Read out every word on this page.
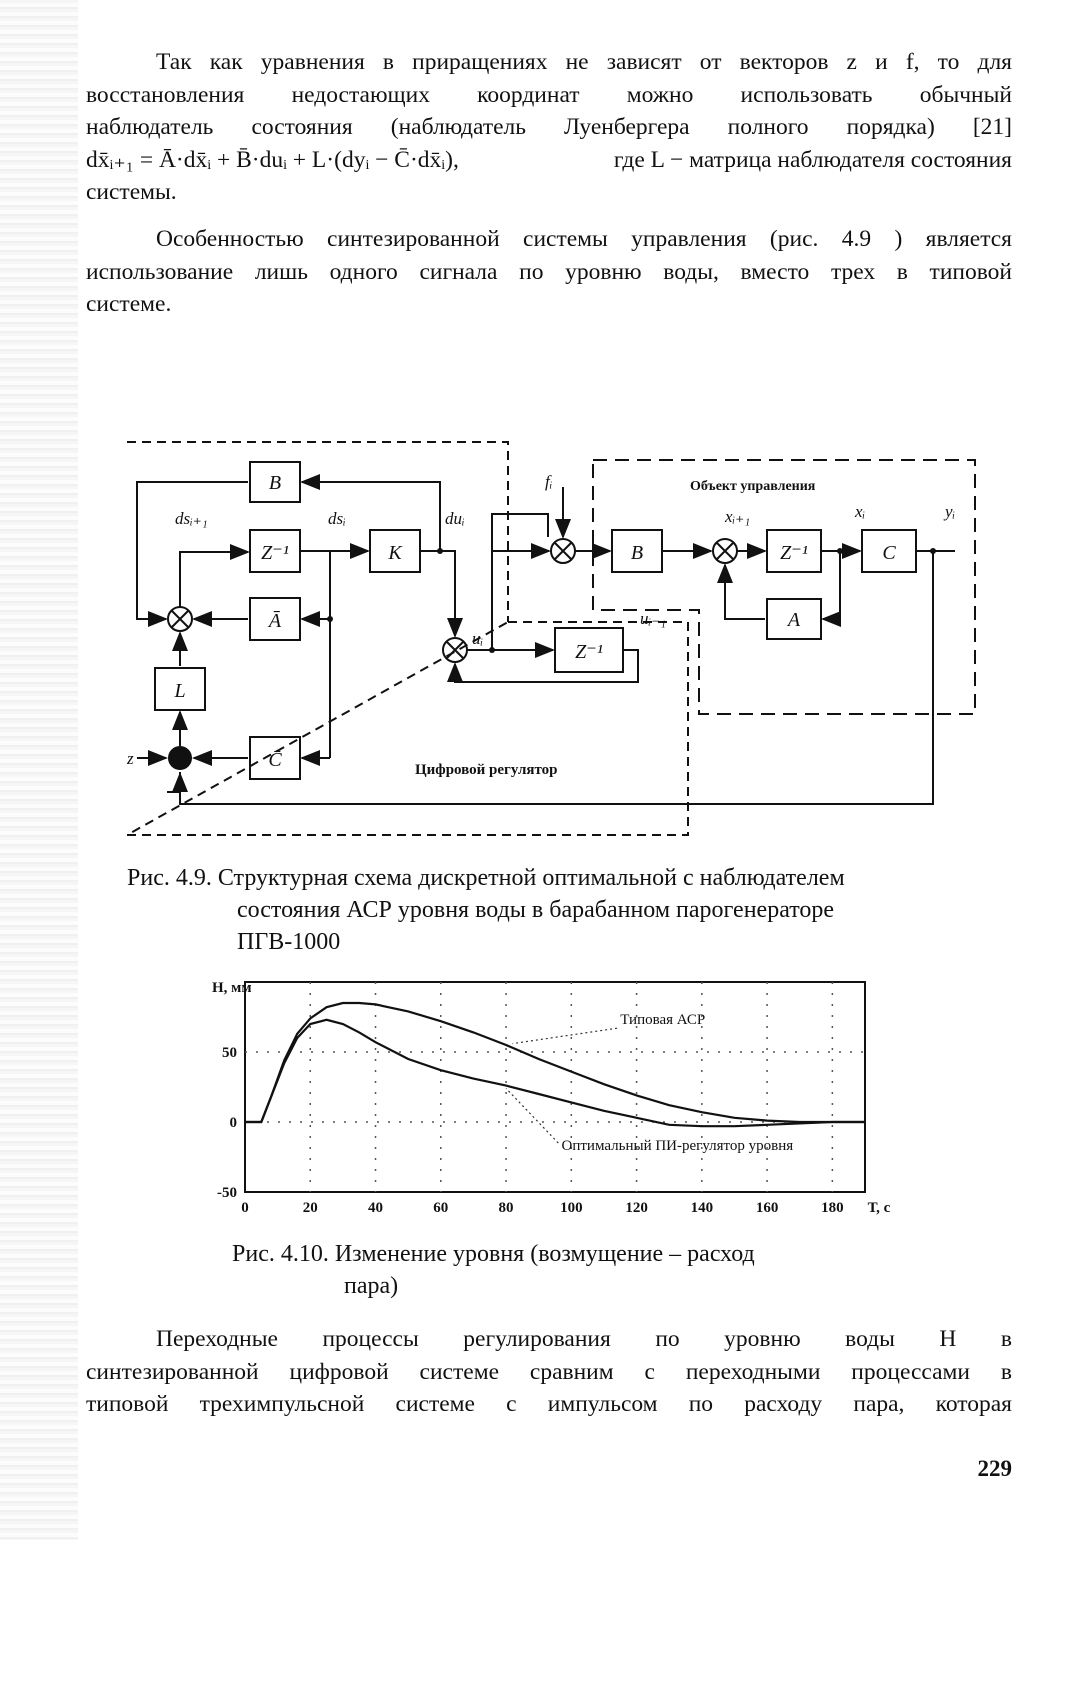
Так как уравнения в приращениях не зависят от векторов z и f, то для
восстановления недостающих координат можно использовать обычный
наблюдатель состояния (наблюдатель Луенбергера полного порядка) [21]
dx̄ᵢ₊₁ = Ā·dx̄ᵢ + B̄·duᵢ + L·(dyᵢ − C̄·dx̄ᵢ),	где L − матрица наблюдателя состояния
системы.
Особенностью синтезированной системы управления (рис. 4.9 ) является
использование лишь одного сигнала по уровню воды, вместо трех в типовой
системе.
B
Z⁻¹
Ā
L
C̄
K
Z⁻¹
B	Z⁻¹	C
A
dsᵢ₊₁	dsᵢ	duᵢ
fᵢ
uᵢ
uᵢ₋₁
xᵢ₊₁	xᵢ	yᵢ
z
Объект управления
Цифровой регулятор
Рис. 4.9. Структурная схема дискретной оптимальной с наблюдателем
состояния АСР уровня воды в барабанном парогенераторе
ПГВ-1000
50
0
-50
0	20	40	60	80	100	120	140	160	180 Т, с
Н, мм
Типовая АСР
Оптимальный ПИ-регулятор уровня
Рис. 4.10. Изменение уровня (возмущение – расход
пара)
Переходные процессы регулирования по уровню воды H в
синтезированной цифровой системе сравним с переходными процессами в
типовой трехимпульсной системе с импульсом по расходу пара, которая
229
